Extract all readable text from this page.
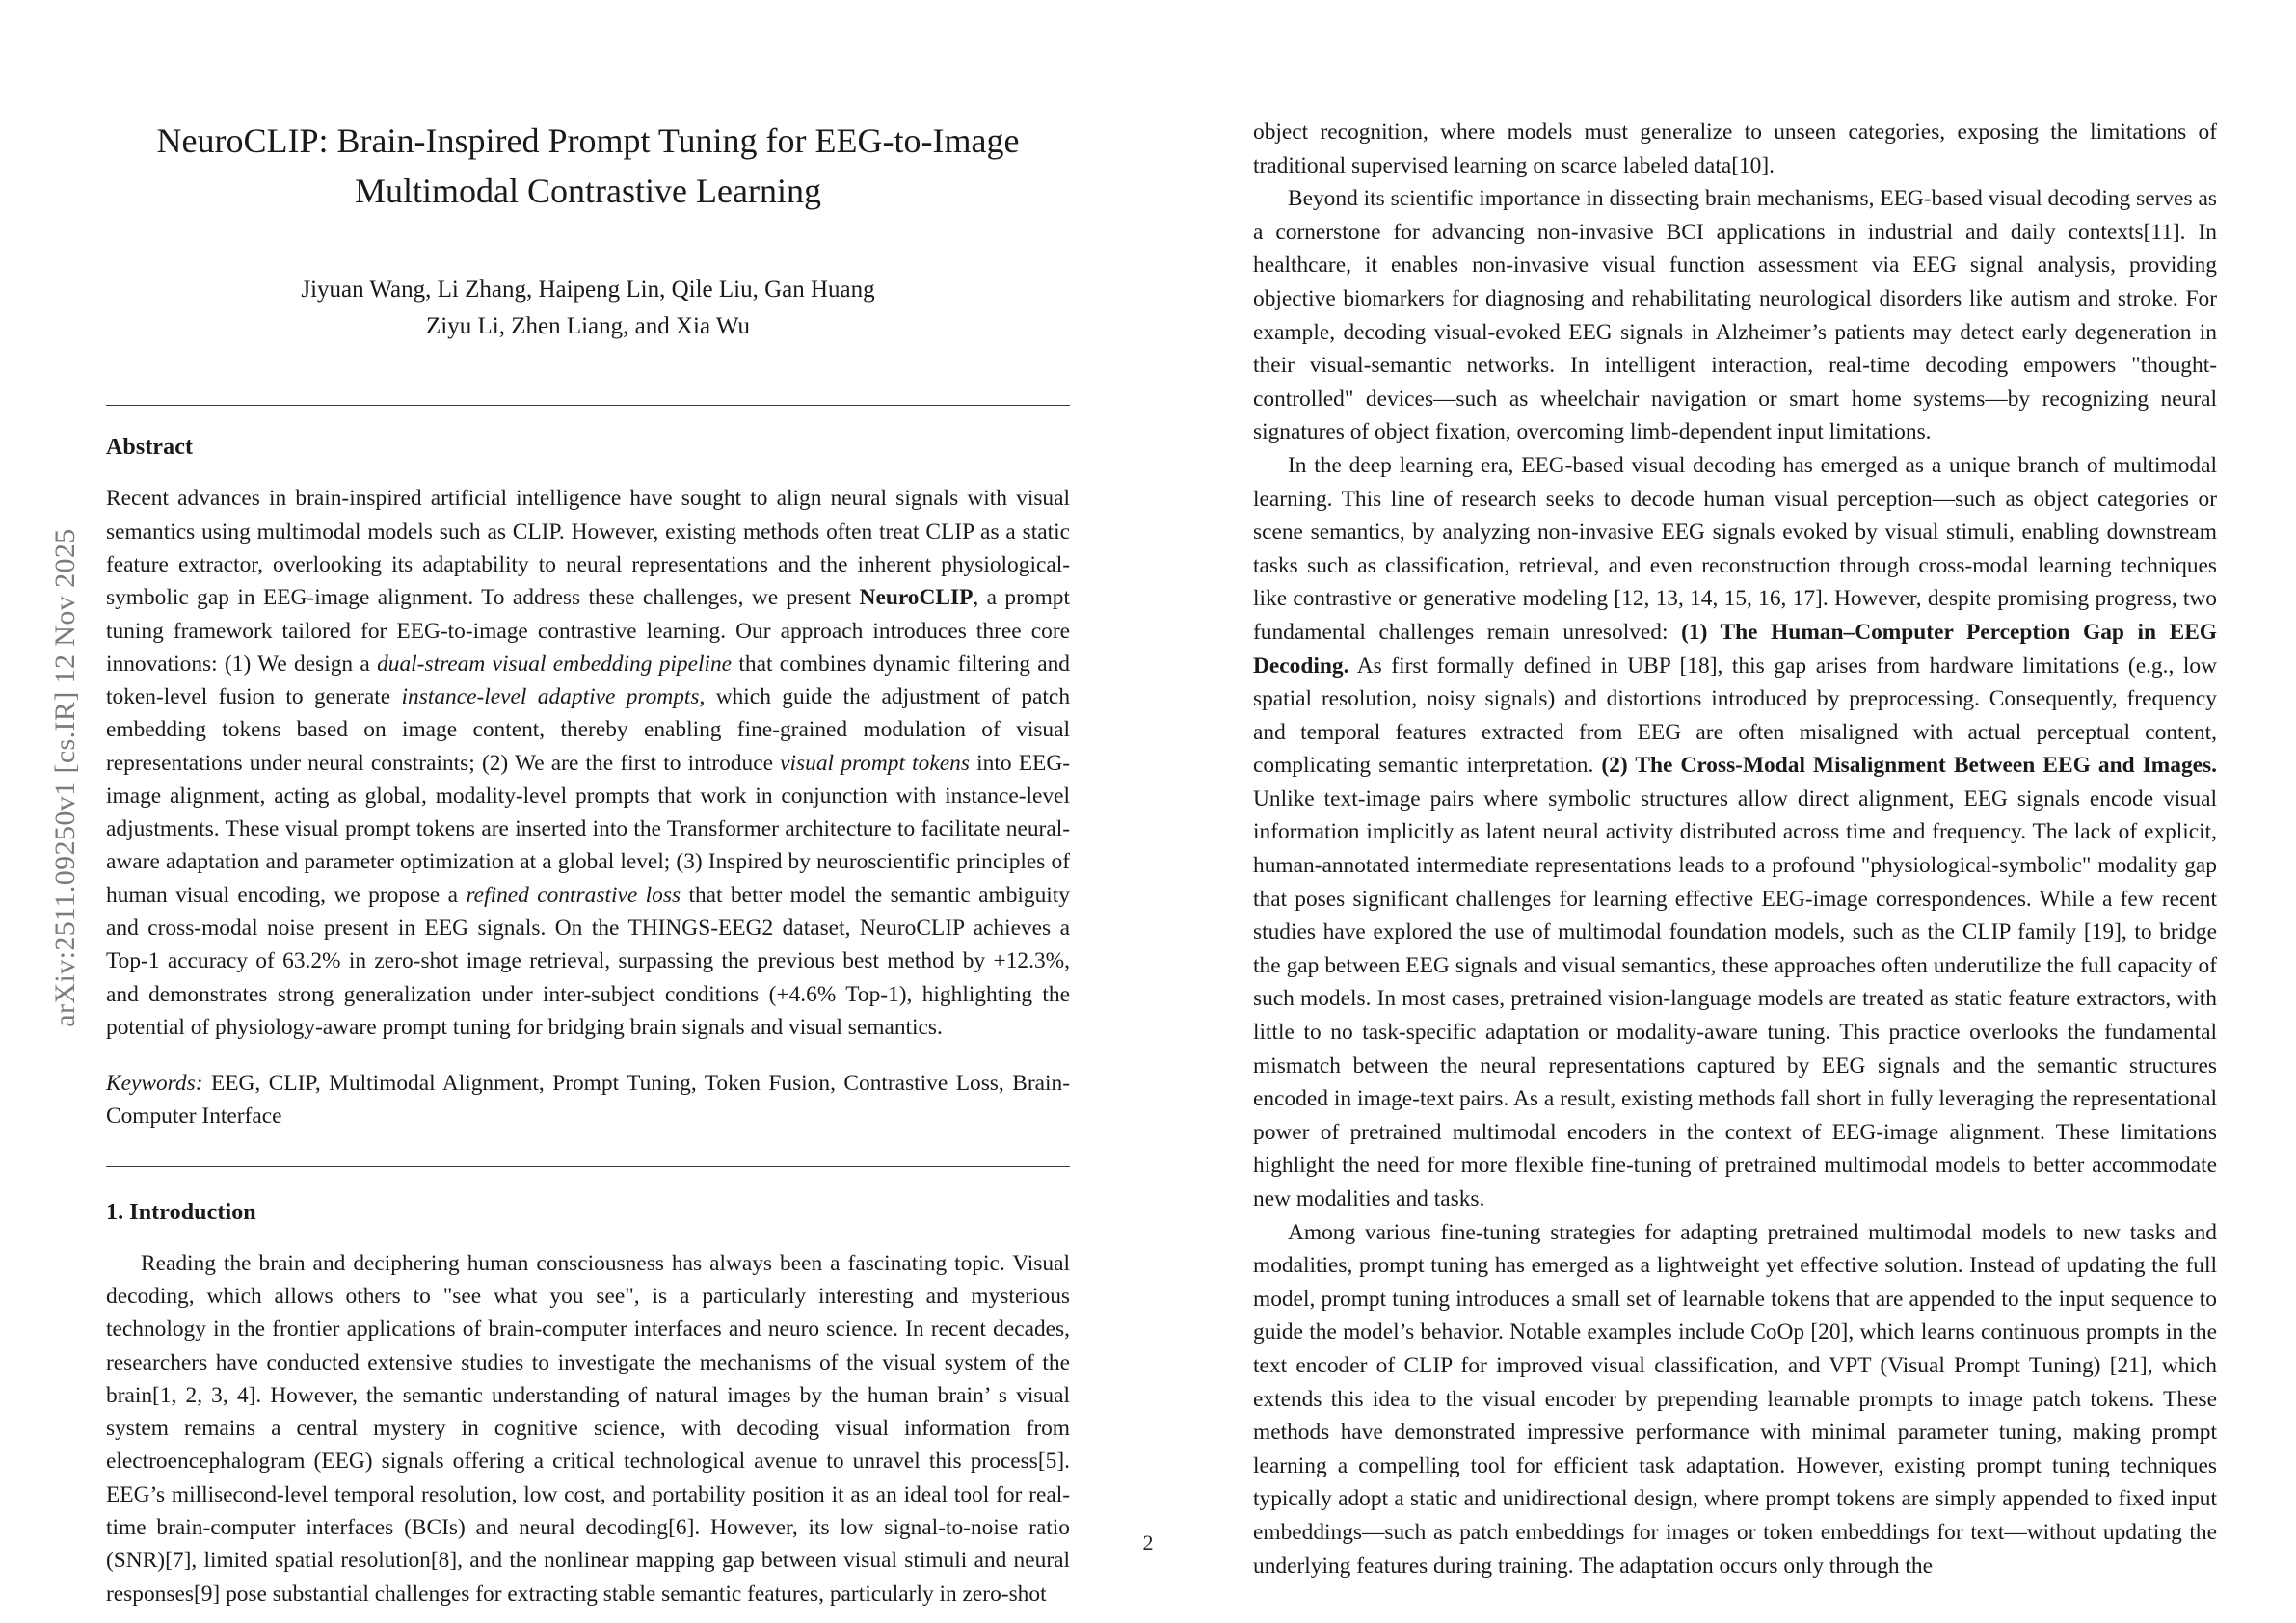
arXiv:2511.09250v1 [cs.IR] 12 Nov 2025
NeuroCLIP: Brain-Inspired Prompt Tuning for EEG-to-Image
Multimodal Contrastive Learning
Jiyuan Wang, Li Zhang, Haipeng Lin, Qile Liu, Gan Huang
Ziyu Li, Zhen Liang, and Xia Wu
Abstract

Recent advances in brain-inspired artificial intelligence have sought to align neural signals with visual semantics using multimodal models such as CLIP. However, existing methods often treat CLIP as a static feature extractor, overlooking its adaptability to neural representations and the inherent physiological-symbolic gap in EEG-image alignment. To address these challenges, we present NeuroCLIP, a prompt tuning framework tailored for EEG-to-image contrastive learning. Our approach introduces three core innovations: (1) We design a dual-stream visual embedding pipeline that combines dynamic filtering and token-level fusion to generate instance-level adaptive prompts, which guide the adjustment of patch embedding tokens based on image content, thereby enabling fine-grained modulation of visual representations under neural constraints; (2) We are the first to introduce visual prompt tokens into EEG-image alignment, acting as global, modality-level prompts that work in conjunction with instance-level adjustments. These visual prompt tokens are inserted into the Transformer architecture to facilitate neural-aware adaptation and parameter optimization at a global level; (3) Inspired by neuroscientific principles of human visual encoding, we propose a refined contrastive loss that better model the semantic ambiguity and cross-modal noise present in EEG signals. On the THINGS-EEG2 dataset, NeuroCLIP achieves a Top-1 accuracy of 63.2% in zero-shot image retrieval, surpassing the previous best method by +12.3%, and demonstrates strong generalization under inter-subject conditions (+4.6% Top-1), highlighting the potential of physiology-aware prompt tuning for bridging brain signals and visual semantics.

Keywords: EEG, CLIP, Multimodal Alignment, Prompt Tuning, Token Fusion, Contrastive Loss, Brain-Computer Interface

1. Introduction

Reading the brain and deciphering human consciousness has always been a fascinating topic. Visual decoding, which allows others to "see what you see", is a particularly interesting and mysterious technology in the frontier applications of brain-computer interfaces and neuro science. In recent decades, researchers have conducted extensive studies to investigate the mechanisms of the visual system of the brain[1, 2, 3, 4]. However, the semantic understanding of natural images by the human brain’ s visual system remains a central mystery in cognitive science, with decoding visual information from electroencephalogram (EEG) signals offering a critical technological avenue to unravel this process[5]. EEG’s millisecond-level temporal resolution, low cost, and portability position it as an ideal tool for real-time brain-computer interfaces (BCIs) and neural decoding[6]. However, its low signal-to-noise ratio (SNR)[7], limited spatial resolution[8], and the nonlinear mapping gap between visual stimuli and neural responses[9] pose substantial challenges for extracting stable semantic features, particularly in zero-shot

object recognition, where models must generalize to unseen categories, exposing the limitations of traditional supervised learning on scarce labeled data[10].

Beyond its scientific importance in dissecting brain mechanisms, EEG-based visual decoding serves as a cornerstone for advancing non-invasive BCI applications in industrial and daily contexts[11]. In healthcare, it enables non-invasive visual function assessment via EEG signal analysis, providing objective biomarkers for diagnosing and rehabilitating neurological disorders like autism and stroke. For example, decoding visual-evoked EEG signals in Alzheimer’s patients may detect early degeneration in their visual-semantic networks. In intelligent interaction, real-time decoding empowers "thought-controlled" devices—such as wheelchair navigation or smart home systems—by recognizing neural signatures of object fixation, overcoming limb-dependent input limitations.

In the deep learning era, EEG-based visual decoding has emerged as a unique branch of multimodal learning. This line of research seeks to decode human visual perception—such as object categories or scene semantics, by analyzing non-invasive EEG signals evoked by visual stimuli, enabling downstream tasks such as classification, retrieval, and even reconstruction through cross-modal learning techniques like contrastive or generative modeling [12, 13, 14, 15, 16, 17]. However, despite promising progress, two fundamental challenges remain unresolved: (1) The Human–Computer Perception Gap in EEG Decoding. As first formally defined in UBP [18], this gap arises from hardware limitations (e.g., low spatial resolution, noisy signals) and distortions introduced by preprocessing. Consequently, frequency and temporal features extracted from EEG are often misaligned with actual perceptual content, complicating semantic interpretation. (2) The Cross-Modal Misalignment Between EEG and Images. Unlike text-image pairs where symbolic structures allow direct alignment, EEG signals encode visual information implicitly as latent neural activity distributed across time and frequency. The lack of explicit, human-annotated intermediate representations leads to a profound "physiological-symbolic" modality gap that poses significant challenges for learning effective EEG-image correspondences. While a few recent studies have explored the use of multimodal foundation models, such as the CLIP family [19], to bridge the gap between EEG signals and visual semantics, these approaches often underutilize the full capacity of such models. In most cases, pretrained vision-language models are treated as static feature extractors, with little to no task-specific adaptation or modality-aware tuning. This practice overlooks the fundamental mismatch between the neural representations captured by EEG signals and the semantic structures encoded in image-text pairs. As a result, existing methods fall short in fully leveraging the representational power of pretrained multimodal encoders in the context of EEG-image alignment. These limitations highlight the need for more flexible fine-tuning of pretrained multimodal models to better accommodate new modalities and tasks.

Among various fine-tuning strategies for adapting pretrained multimodal models to new tasks and modalities, prompt tuning has emerged as a lightweight yet effective solution. Instead of updating the full model, prompt tuning introduces a small set of learnable tokens that are appended to the input sequence to guide the model’s behavior. Notable examples include CoOp [20], which learns continuous prompts in the text encoder of CLIP for improved visual classification, and VPT (Visual Prompt Tuning) [21], which extends this idea to the visual encoder by prepending learnable prompts to image patch tokens. These methods have demonstrated impressive performance with minimal parameter tuning, making prompt learning a compelling tool for efficient task adaptation. However, existing prompt tuning techniques typically adopt a static and unidirectional design, where prompt tokens are simply appended to fixed input embeddings—such as patch embeddings for images or token embeddings for text—without updating the underlying features during training. The adaptation occurs only through the

2
